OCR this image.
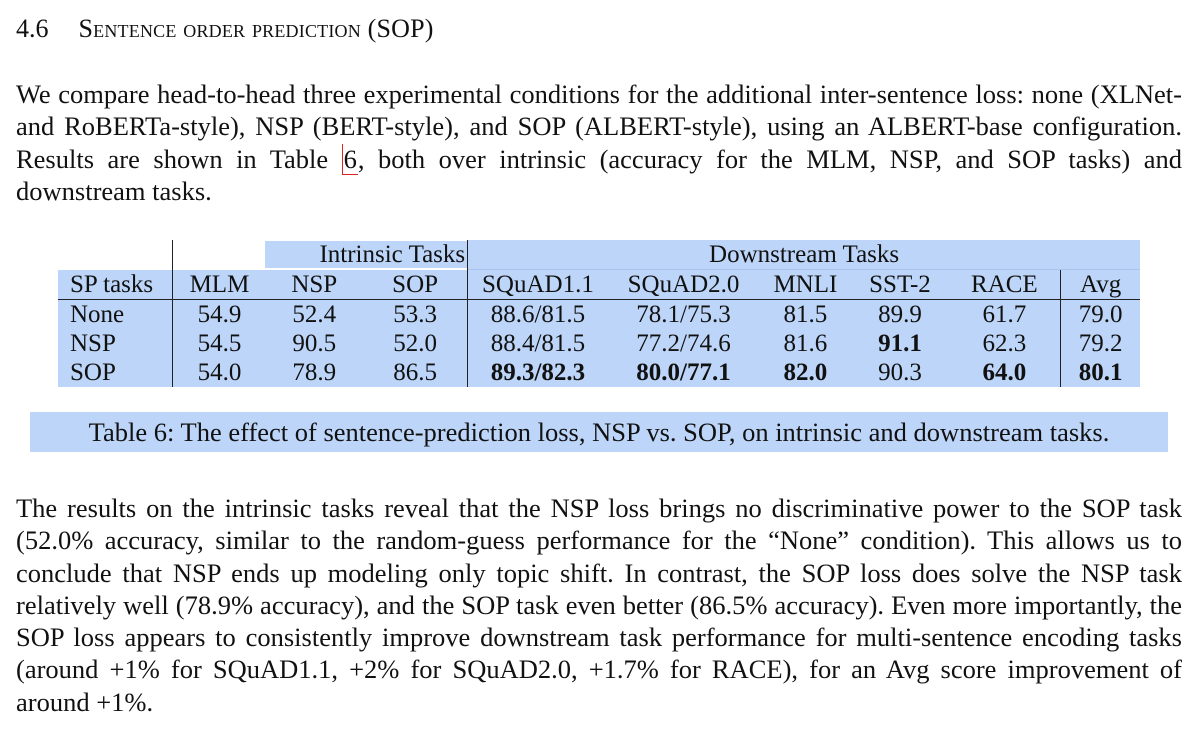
4.6 Sentence order prediction (SOP)

We compare head-to-head three experimental conditions for the additional inter-sentence loss: none (XLNet- and RoBERTa-style), NSP (BERT-style), and SOP (ALBERT-style), using an ALBERT-base configuration. Results are shown in Table 6, both over intrinsic (accuracy for the MLM, NSP, and SOP tasks) and downstream tasks.

		Intrinsic Tasks		Downstream Tasks					
SP tasks	MLM	NSP	SOP	SQuAD1.1	SQuAD2.0	MNLI	SST-2	RACE	Avg
None	54.9	52.4	53.3	88.6/81.5	78.1/75.3	81.5	89.9	61.7	79.0
NSP	54.5	90.5	52.0	88.4/81.5	77.2/74.6	81.6	91.1	62.3	79.2
SOP	54.0	78.9	86.5	89.3/82.3	80.0/77.1	82.0	90.3	64.0	80.1
Table 6: The effect of sentence-prediction loss, NSP vs. SOP, on intrinsic and downstream tasks.

The results on the intrinsic tasks reveal that the NSP loss brings no discriminative power to the SOP task (52.0% accuracy, similar to the random-guess performance for the “None” condition). This allows us to conclude that NSP ends up modeling only topic shift. In contrast, the SOP loss does solve the NSP task relatively well (78.9% accuracy), and the SOP task even better (86.5% accuracy). Even more importantly, the SOP loss appears to consistently improve downstream task performance for multi-sentence encoding tasks (around +1% for SQuAD1.1, +2% for SQuAD2.0, +1.7% for RACE), for an Avg score improvement of around +1%.
